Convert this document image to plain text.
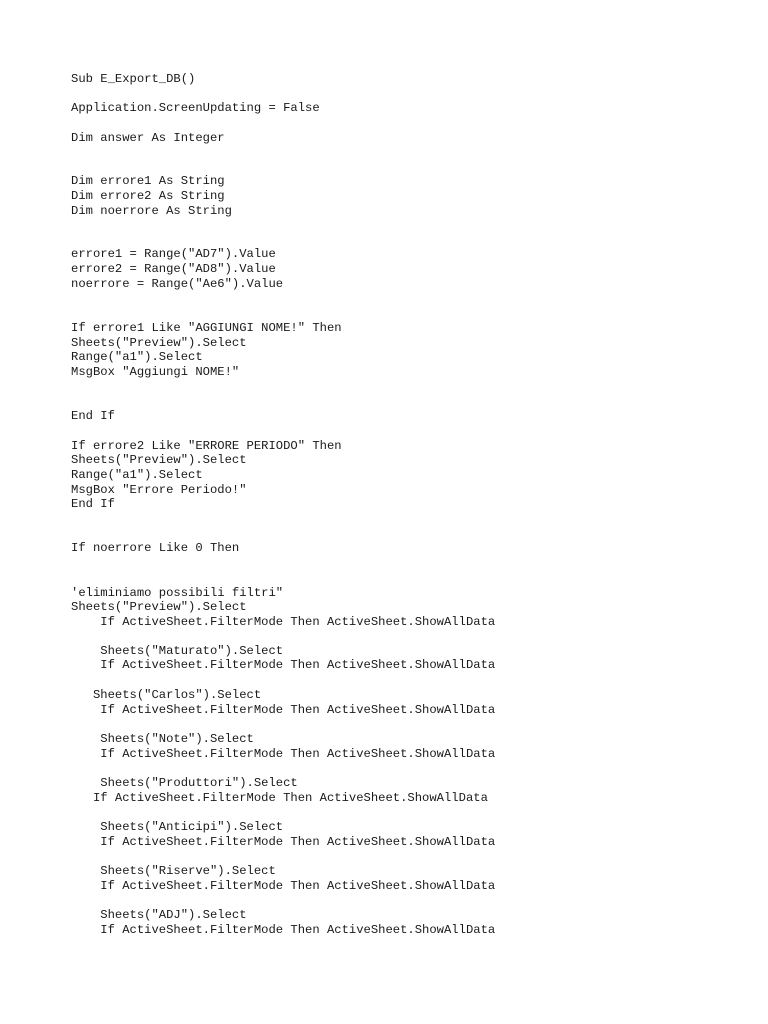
Sub E_Export_DB()
Application.ScreenUpdating = False
Dim answer As Integer
Dim errore1 As String
Dim errore2 As String
Dim noerrore As String
errore1 = Range("AD7").Value
errore2 = Range("AD8").Value
noerrore = Range("Ae6").Value
If errore1 Like "AGGIUNGI NOME!" Then
Sheets("Preview").Select
Range("a1").Select
MsgBox "Aggiungi NOME!"
End If
If errore2 Like "ERRORE PERIODO" Then
Sheets("Preview").Select
Range("a1").Select
MsgBox "Errore Periodo!"
End If
If noerrore Like 0 Then
'eliminiamo possibili filtri"
Sheets("Preview").Select
If ActiveSheet.FilterMode Then ActiveSheet.ShowAllData
Sheets("Maturato").Select
If ActiveSheet.FilterMode Then ActiveSheet.ShowAllData
Sheets("Carlos").Select
If ActiveSheet.FilterMode Then ActiveSheet.ShowAllData
Sheets("Note").Select
If ActiveSheet.FilterMode Then ActiveSheet.ShowAllData
Sheets("Produttori").Select
If ActiveSheet.FilterMode Then ActiveSheet.ShowAllData
Sheets("Anticipi").Select
If ActiveSheet.FilterMode Then ActiveSheet.ShowAllData
Sheets("Riserve").Select
If ActiveSheet.FilterMode Then ActiveSheet.ShowAllData
Sheets("ADJ").Select
If ActiveSheet.FilterMode Then ActiveSheet.ShowAllData
